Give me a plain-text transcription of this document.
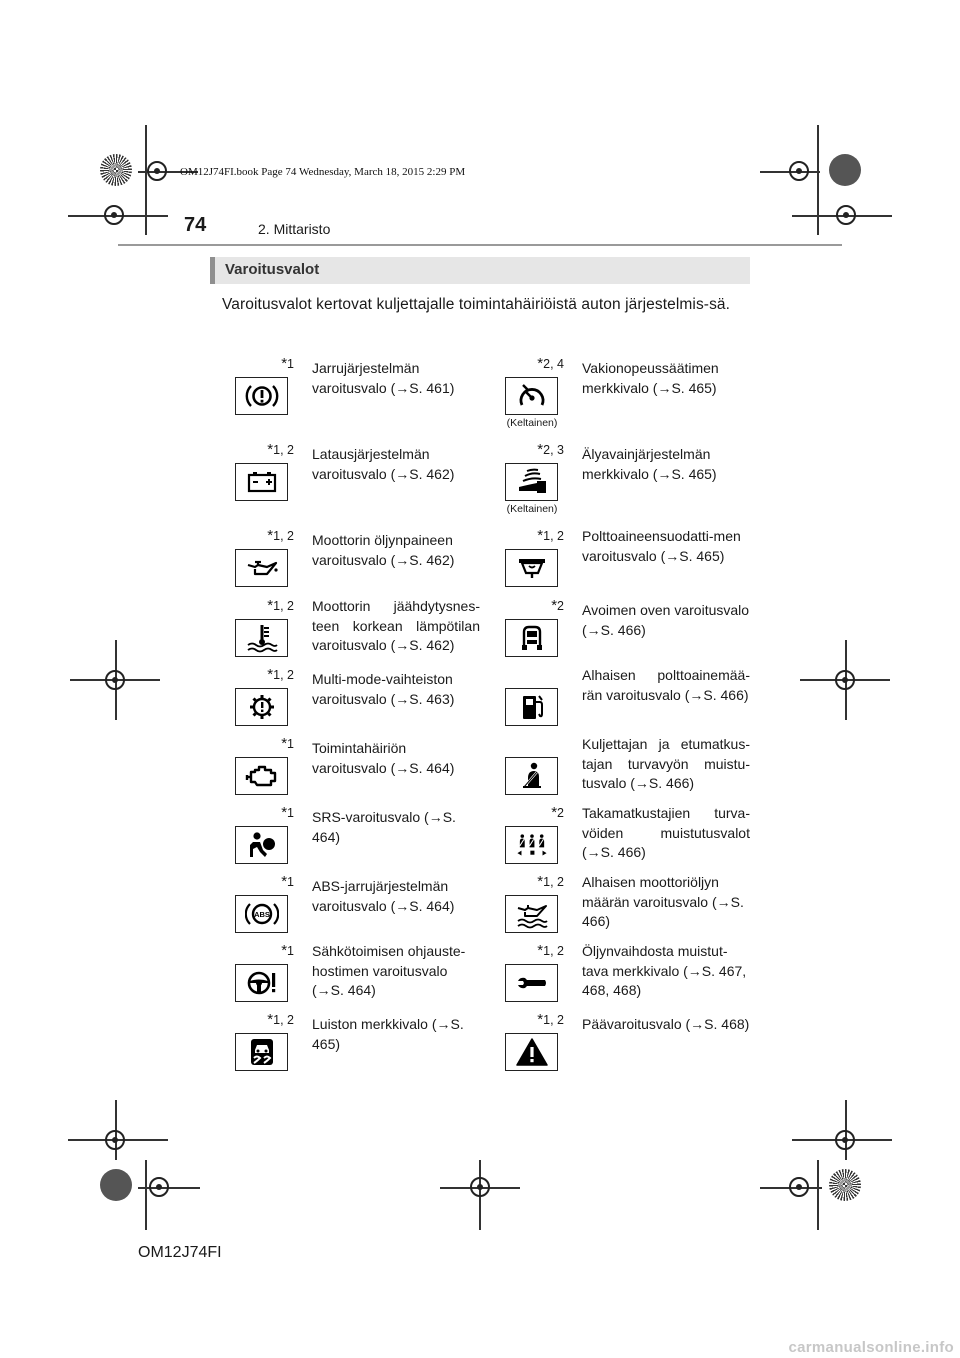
OM12J74FI.book Page 74 Wednesday, March 18, 2015 2:29 PM
74	2. Mittaristo
Varoitusvalot
Varoitusvalot kertovat kuljettajalle toimintahäiriöistä auton järjestelmis-sä.
*1 Jarrujärjestelmän varoitusvalo (→S. 461)
*2, 4
(Keltainen)
Vakionopeussäätimen merkkivalo (→S. 465)
*1, 2 Latausjärjestelmän varoitusvalo (→S. 462)
*2, 3
(Keltainen)
Älyavainjärjestelmän merkkivalo (→S. 465)
*1, 2 Moottorin öljynpaineen varoitusvalo (→S. 462)
*1, 2 Polttoaineensuodatti-men varoitusvalo (→S. 465)
*1, 2 Moottorin jäähdytysnes-teen korkean lämpötilan varoitusvalo (→S. 462)
*2 Avoimen oven varoitusvalo (→S. 466)
*1, 2 Multi-mode-vaihteiston varoitusvalo (→S. 463)
Alhaisen polttoainemää-rän varoitusvalo (→S. 466)
*1 Toimintahäiriön varoitusvalo (→S. 464)
Kuljettajan ja etumatkus-tajan turvavyön muistu-tusvalo (→S. 466)
*1 SRS-varoitusvalo (→S. 464)
*2 Takamatkustajien turva-vöiden muistutusvalot (→S. 466)
*1
ABS
ABS-jarrujärjestelmän varoitusvalo (→S. 464)
*1, 2 Alhaisen moottoriöljyn määrän varoitusvalo (→S. 466)
*1 Sähkötoimisen ohjauste-hostimen varoitusvalo (→S. 464)
*1, 2 Öljynvaihdosta muistut-tava merkkivalo (→S. 467, 468, 468)
*1, 2 Luiston merkkivalo (→S. 465)
*1, 2 Päävaroitusvalo (→S. 468)
OM12J74FI
carmanualsonline.info
